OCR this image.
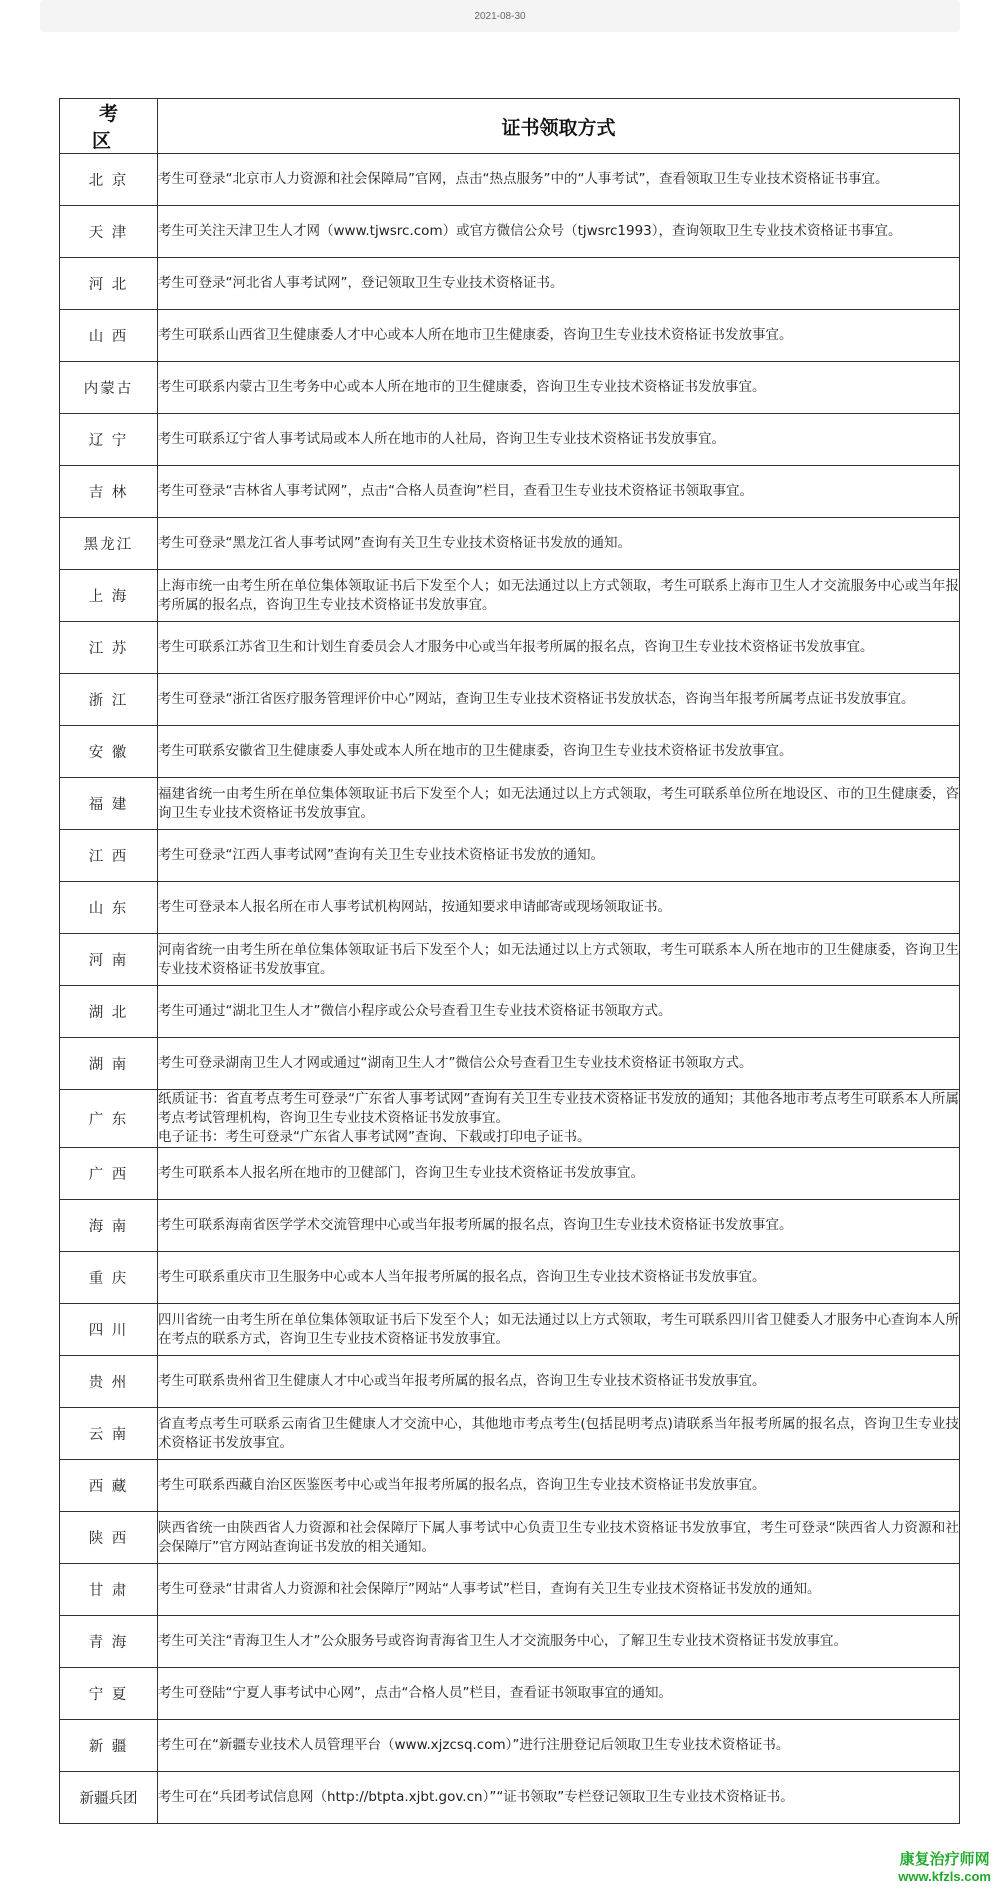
2021-08-30
考 区	证书领取方式
北 京	考生可登录“北京市人力资源和社会保障局”官网，点击“热点服务”中的“人事考试”，查看领取卫生专业技术资格证书事宜。

天 津	考生可关注天津卫生人才网（www.tjwsrc.com）或官方微信公众号（tjwsrc1993），查询领取卫生专业技术资格证书事宜。

河 北	考生可登录“河北省人事考试网”，登记领取卫生专业技术资格证书。

山 西	考生可联系山西省卫生健康委人才中心或本人所在地市卫生健康委，咨询卫生专业技术资格证书发放事宜。

内蒙古	考生可联系内蒙古卫生考务中心或本人所在地市的卫生健康委，咨询卫生专业技术资格证书发放事宜。

辽 宁	考生可联系辽宁省人事考试局或本人所在地市的人社局，咨询卫生专业技术资格证书发放事宜。

吉 林	考生可登录“吉林省人事考试网”，点击“合格人员查询”栏目，查看卫生专业技术资格证书领取事宜。

黑龙江	考生可登录“黑龙江省人事考试网”查询有关卫生专业技术资格证书发放的通知。

上 海	上海市统一由考生所在单位集体领取证书后下发至个人；如无法通过以上方式领取，考生可联系上海市卫生人才交流服务中心或当年报考所属的报名点，咨询卫生专业技术资格证书发放事宜。

江 苏	考生可联系江苏省卫生和计划生育委员会人才服务中心或当年报考所属的报名点，咨询卫生专业技术资格证书发放事宜。

浙 江	考生可登录“浙江省医疗服务管理评价中心”网站，查询卫生专业技术资格证书发放状态，咨询当年报考所属考点证书发放事宜。

安 徽	考生可联系安徽省卫生健康委人事处或本人所在地市的卫生健康委，咨询卫生专业技术资格证书发放事宜。

福 建	福建省统一由考生所在单位集体领取证书后下发至个人；如无法通过以上方式领取，考生可联系单位所在地设区、市的卫生健康委，咨询卫生专业技术资格证书发放事宜。

江 西	考生可登录“江西人事考试网”查询有关卫生专业技术资格证书发放的通知。

山 东	考生可登录本人报名所在市人事考试机构网站，按通知要求申请邮寄或现场领取证书。

河 南	河南省统一由考生所在单位集体领取证书后下发至个人；如无法通过以上方式领取，考生可联系本人所在地市的卫生健康委，咨询卫生专业技术资格证书发放事宜。

湖 北	考生可通过“湖北卫生人才”微信小程序或公众号查看卫生专业技术资格证书领取方式。

湖 南	考生可登录湖南卫生人才网或通过“湖南卫生人才”微信公众号查看卫生专业技术资格证书领取方式。

广 东	纸质证书：省直考点考生可登录“广东省人事考试网”查询有关卫生专业技术资格证书发放的通知；其他各地市考点考生可联系本人所属考点考试管理机构，咨询卫生专业技术资格证书发放事宜。
电子证书：考生可登录“广东省人事考试网”查询、下载或打印电子证书。

广 西	考生可联系本人报名所在地市的卫健部门，咨询卫生专业技术资格证书发放事宜。

海 南	考生可联系海南省医学学术交流管理中心或当年报考所属的报名点，咨询卫生专业技术资格证书发放事宜。

重 庆	考生可联系重庆市卫生服务中心或本人当年报考所属的报名点，咨询卫生专业技术资格证书发放事宜。

四 川	四川省统一由考生所在单位集体领取证书后下发至个人；如无法通过以上方式领取，考生可联系四川省卫健委人才服务中心查询本人所在考点的联系方式，咨询卫生专业技术资格证书发放事宜。

贵 州	考生可联系贵州省卫生健康人才中心或当年报考所属的报名点，咨询卫生专业技术资格证书发放事宜。

云 南	省直考点考生可联系云南省卫生健康人才交流中心，其他地市考点考生(包括昆明考点)请联系当年报考所属的报名点，咨询卫生专业技术资格证书发放事宜。

西 藏	考生可联系西藏自治区医鉴医考中心或当年报考所属的报名点，咨询卫生专业技术资格证书发放事宜。

陕 西	陕西省统一由陕西省人力资源和社会保障厅下属人事考试中心负责卫生专业技术资格证书发放事宜，考生可登录“陕西省人力资源和社会保障厅”官方网站查询证书发放的相关通知。

甘 肃	考生可登录“甘肃省人力资源和社会保障厅”网站“人事考试”栏目，查询有关卫生专业技术资格证书发放的通知。

青 海	考生可关注“青海卫生人才”公众服务号或咨询青海省卫生人才交流服务中心，了解卫生专业技术资格证书发放事宜。

宁 夏	考生可登陆“宁夏人事考试中心网”，点击“合格人员”栏目，查看证书领取事宜的通知。

新 疆	考生可在“新疆专业技术人员管理平台（www.xjzcsq.com）”进行注册登记后领取卫生专业技术资格证书。

新疆兵团	考生可在“兵团考试信息网（http://btpta.xjbt.gov.cn）”“证书领取”专栏登记领取卫生专业技术资格证书。
康复治疗师网
www.kfzls.com
